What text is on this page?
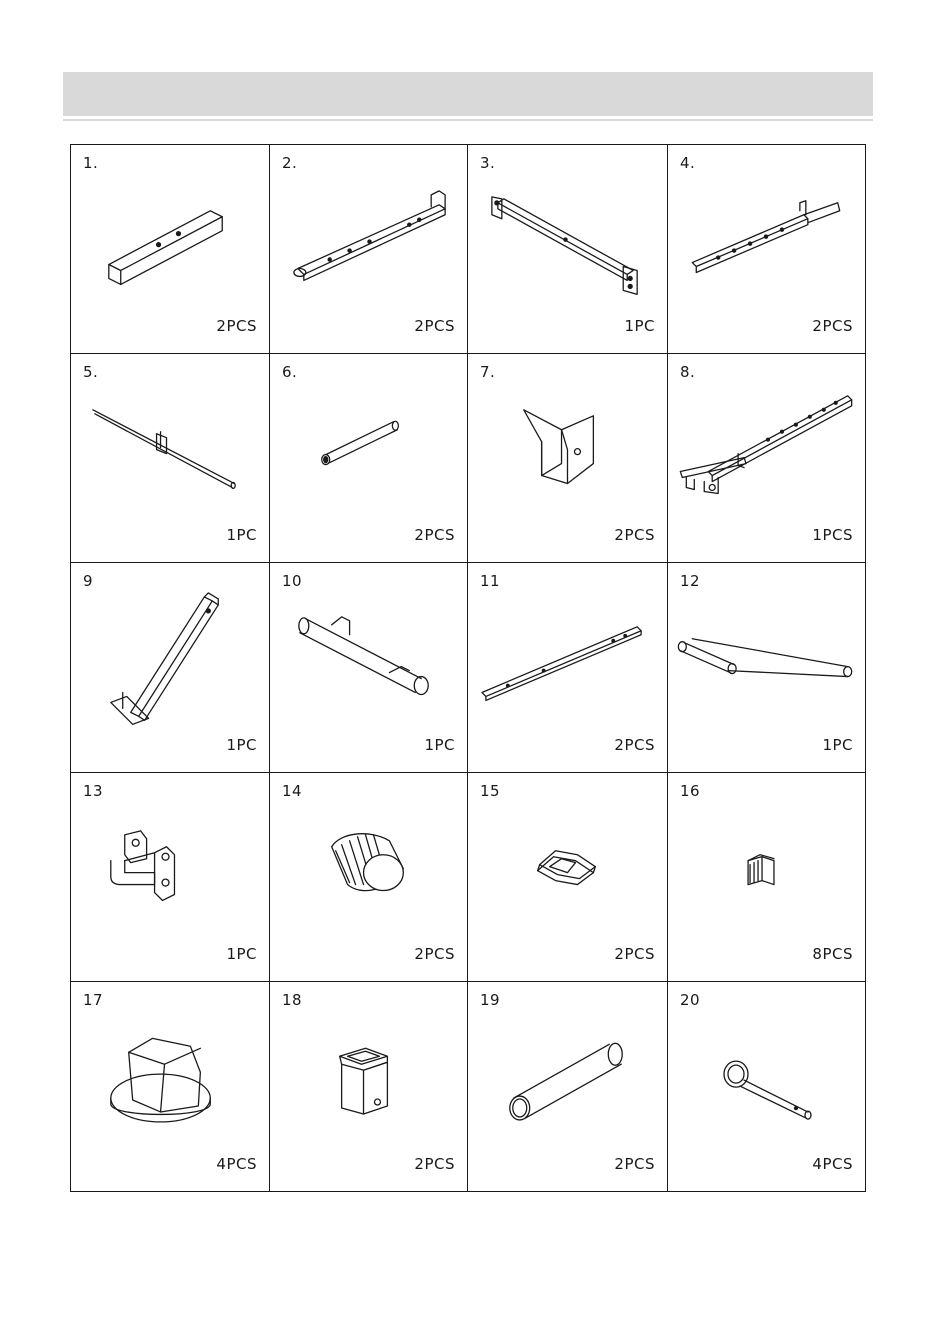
1.
2PCS
2.
2PCS
3.
1PC
4.
2PCS
5.
1PC
6.
2PCS
7.
2PCS
8.
1PCS
9
1PC
10
1PC
11
2PCS
12
1PC
13
1PC
14
2PCS
15
2PCS
16
8PCS
17
4PCS
18
2PCS
19
2PCS
20
4PCS
